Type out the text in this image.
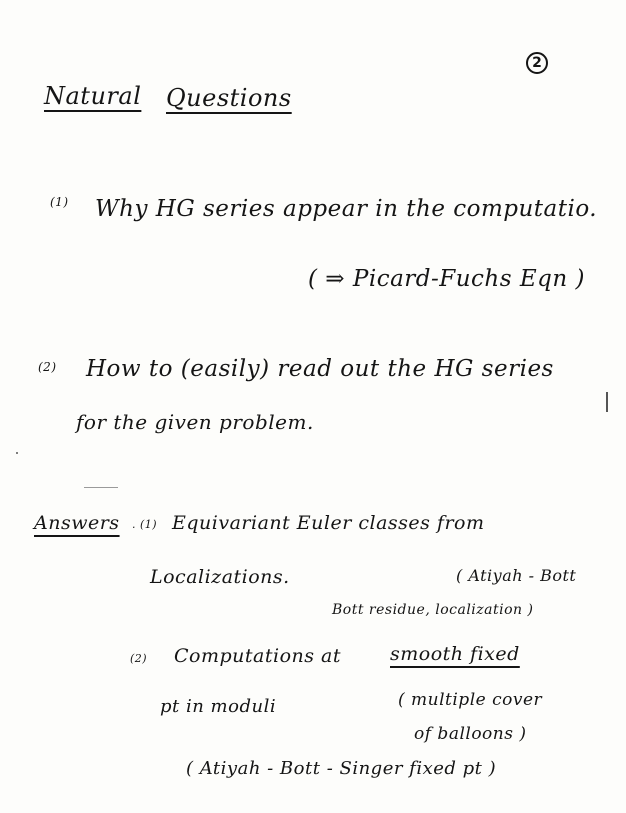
2
Natural Questions
(1) Why HG series appear in the computatio.
( ⇒ Picard-Fuchs Eqn )
(2) How to (easily) read out the HG series
for the given problem.
Answers . (1) Equivariant Euler classes from
Localizations.	( Atiyah - Bott
Bott residue, localization )
(2) Computations at	smooth fixed
pt in moduli	( multiple cover
of balloons )
( Atiyah - Bott - Singer fixed pt )
